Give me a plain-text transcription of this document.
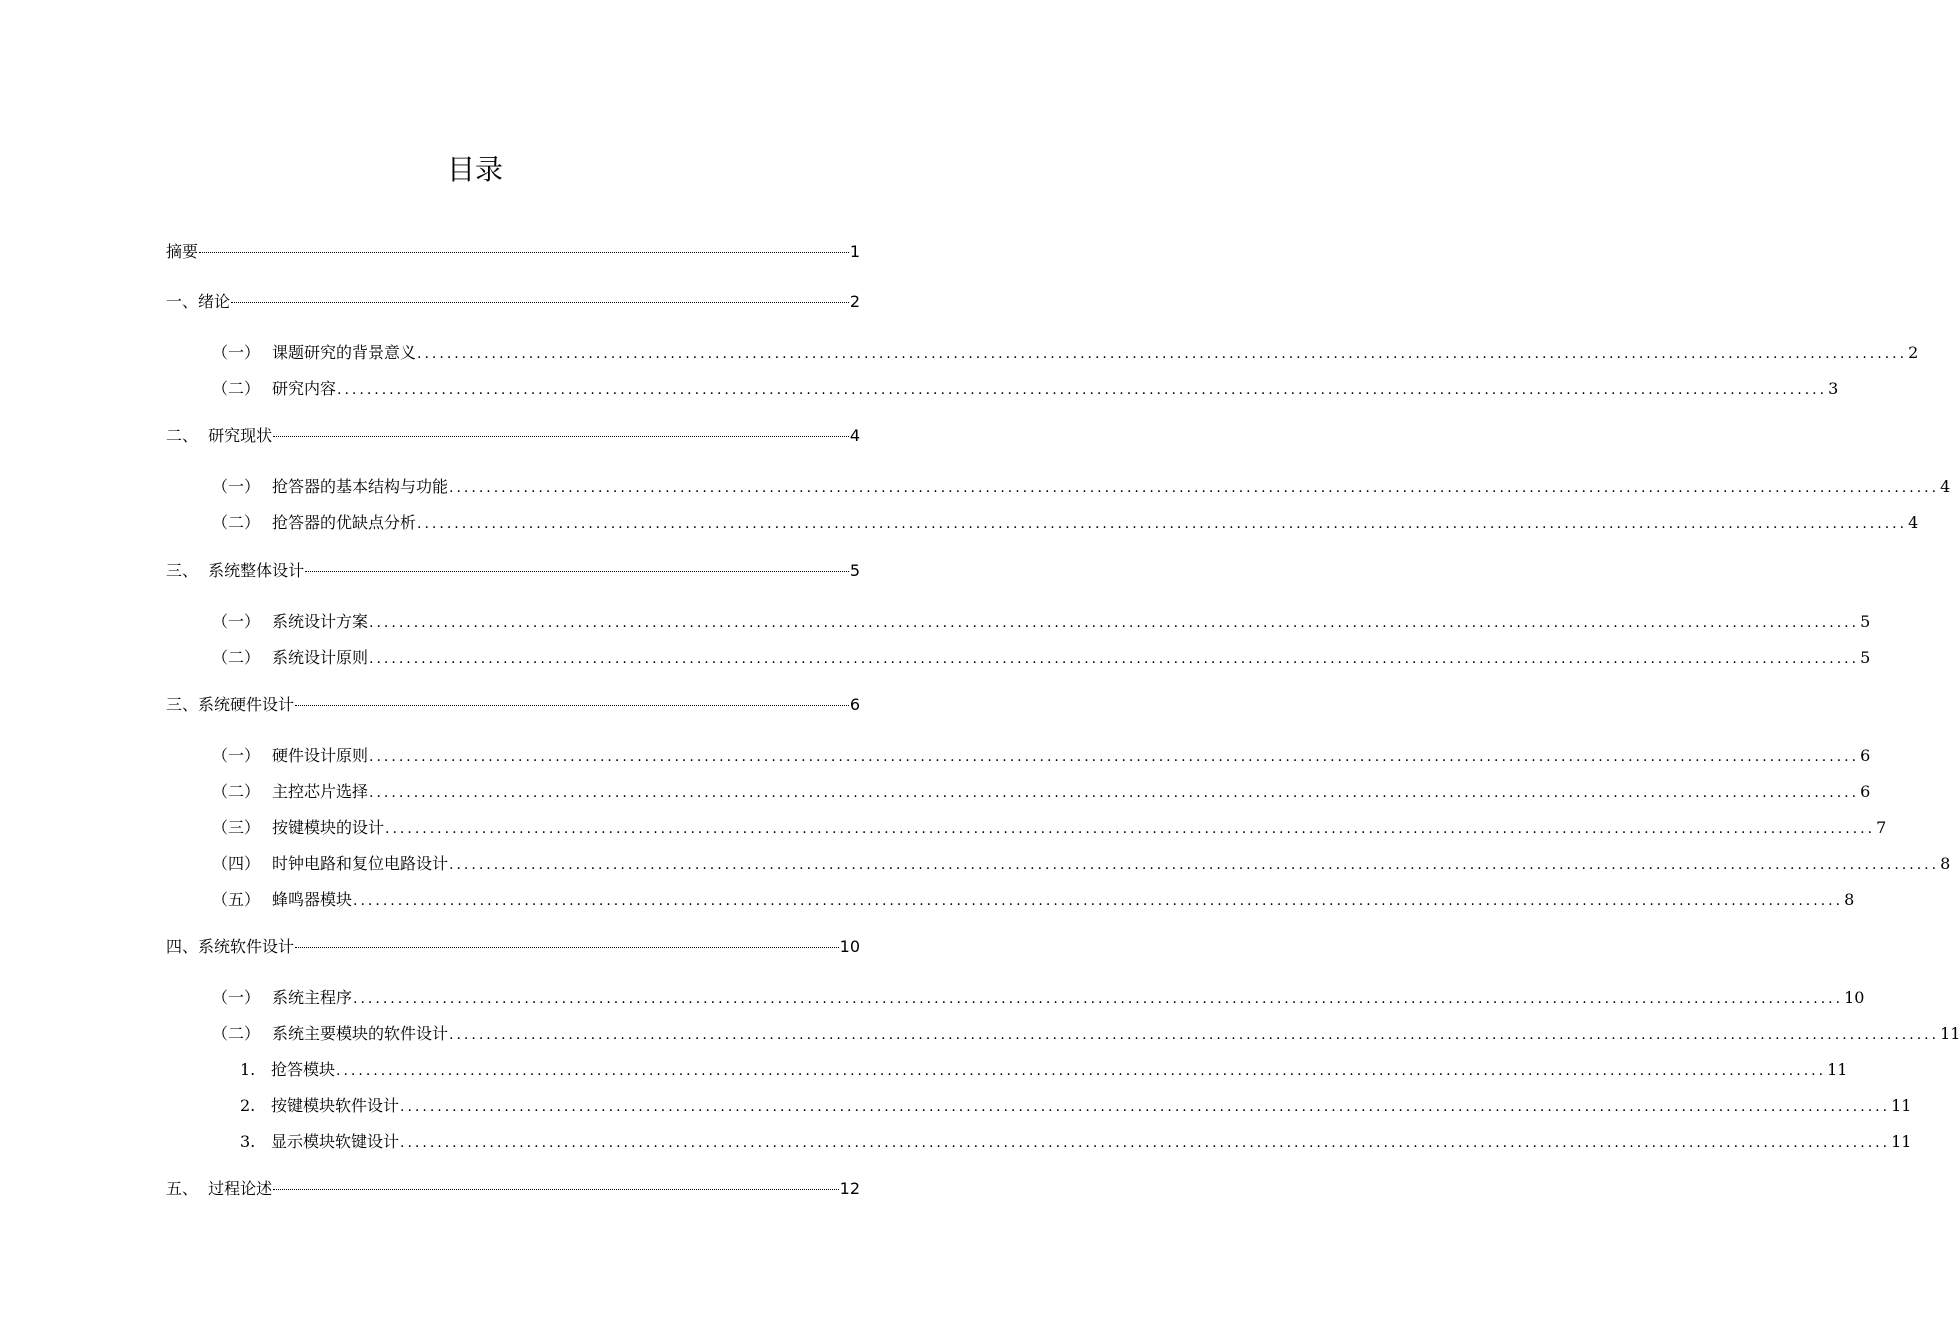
目录
摘要	1
一、绪论	2
（一） 课题研究的背景意义 ........................................................................................................................................................................................................ 2
（二） 研究内容 ........................................................................................................................................................................................................ 3
二、  研究现状	4
（一） 抢答器的基本结构与功能 ........................................................................................................................................................................................................ 4
（二） 抢答器的优缺点分析 ........................................................................................................................................................................................................ 4
三、  系统整体设计	5
（一） 系统设计方案 ........................................................................................................................................................................................................ 5
（二） 系统设计原则 ........................................................................................................................................................................................................ 5
三、系统硬件设计	6
（一） 硬件设计原则 ........................................................................................................................................................................................................ 6
（二） 主控芯片选择 ........................................................................................................................................................................................................ 6
（三） 按键模块的设计 ........................................................................................................................................................................................................ 7
（四） 时钟电路和复位电路设计 ........................................................................................................................................................................................................ 8
（五） 蜂鸣器模块 ........................................................................................................................................................................................................ 8
四、系统软件设计	10
（一） 系统主程序 ........................................................................................................................................................................................................ 10
（二） 系统主要模块的软件设计 ........................................................................................................................................................................................................ 11
1. 抢答模块 ........................................................................................................................................................................................................ 11
2. 按键模块软件设计 ........................................................................................................................................................................................................ 11
3. 显示模块软键设计 ........................................................................................................................................................................................................ 11
五、  过程论述	12
